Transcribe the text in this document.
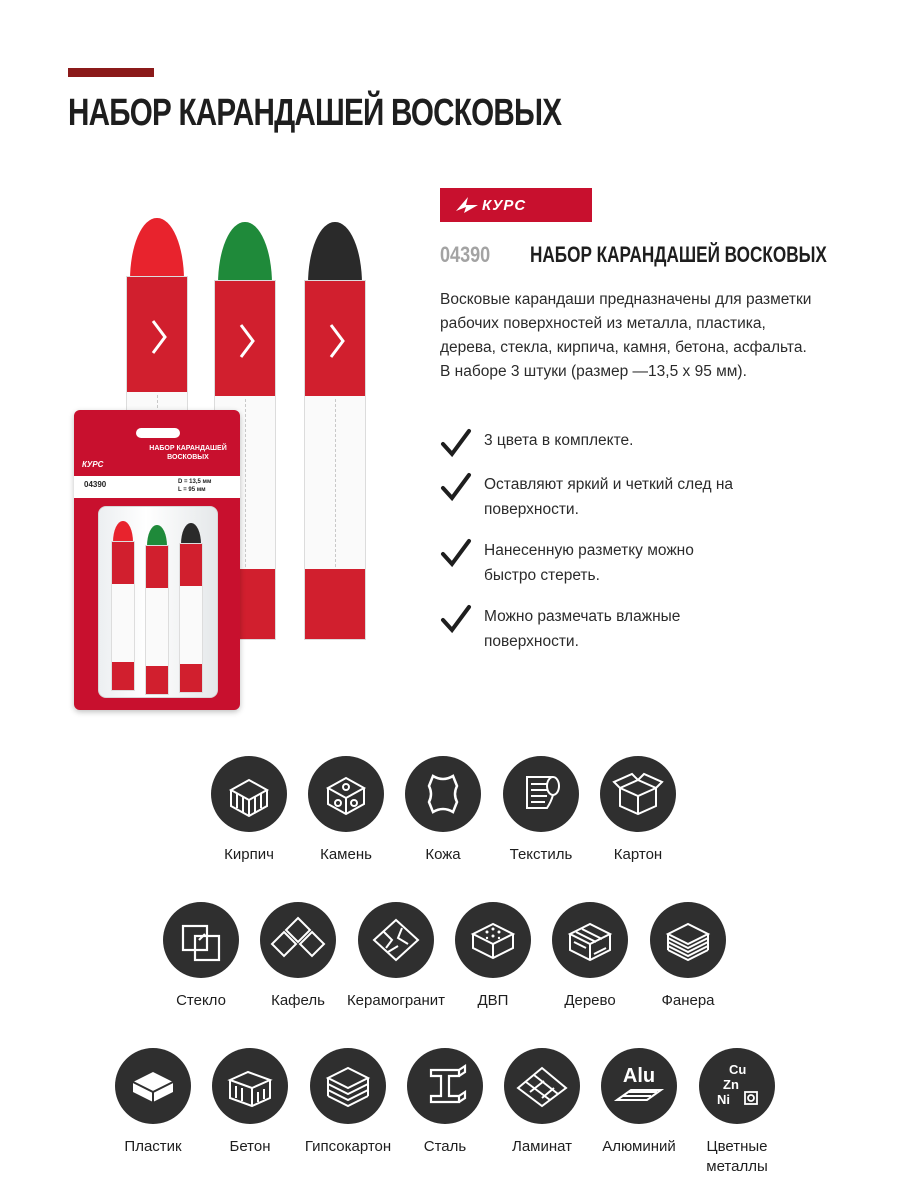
НАБОР КАРАНДАШЕЙ ВОСКОВЫХ
НАБОР КАРАНДАШЕЙ ВОСКОВЫХ
КУРС
04390	D = 13,5 мм
L = 95 мм
КУРС
04390 НАБОР КАРАНДАШЕЙ ВОСКОВЫХ

Восковые карандаши предназначены для разметки

рабочих поверхностей из металла, пластика,

дерева, стекла, кирпича, камня, бетона, асфальта.

В наборе 3 штуки (размер —13,5 х 95 мм).

3 цвета в комплекте.
Оставляют яркий и четкий след на поверхности.
Нанесенную разметку можно быстро стереть.
Можно размечать влажные поверхности.
Кирпич	Камень	Кожа	Текстиль	Картон
Стекло	Кафель	Керамогранит	ДВП	Дерево	Фанера
Пластик	Бетон	Гипсокартон	Сталь	Ламинат
Alu
Алюминий
Cu
Zn
Ni
Цветные металлы
